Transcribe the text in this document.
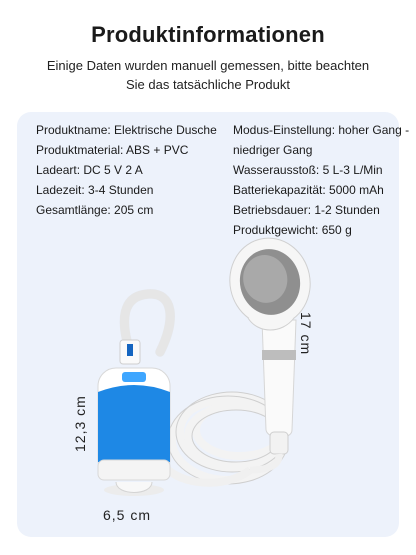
Produktinformationen
Einige Daten wurden manuell gemessen, bitte beachten
Sie das tatsächliche Produkt
Produktname: Elektrische Dusche
Produktmaterial: ABS + PVC
Ladeart: DC 5 V 2 A
Ladezeit: 3-4 Stunden
Gesamtlänge: 205 cm
Modus-Einstellung: hoher Gang - niedriger Gang
Wasserausstoß: 5 L-3 L/Min
Batteriekapazität: 5000 mAh
Betriebsdauer: 1-2 Stunden
Produktgewicht: 650 g
17 cm
12,3 cm
6,5 cm
